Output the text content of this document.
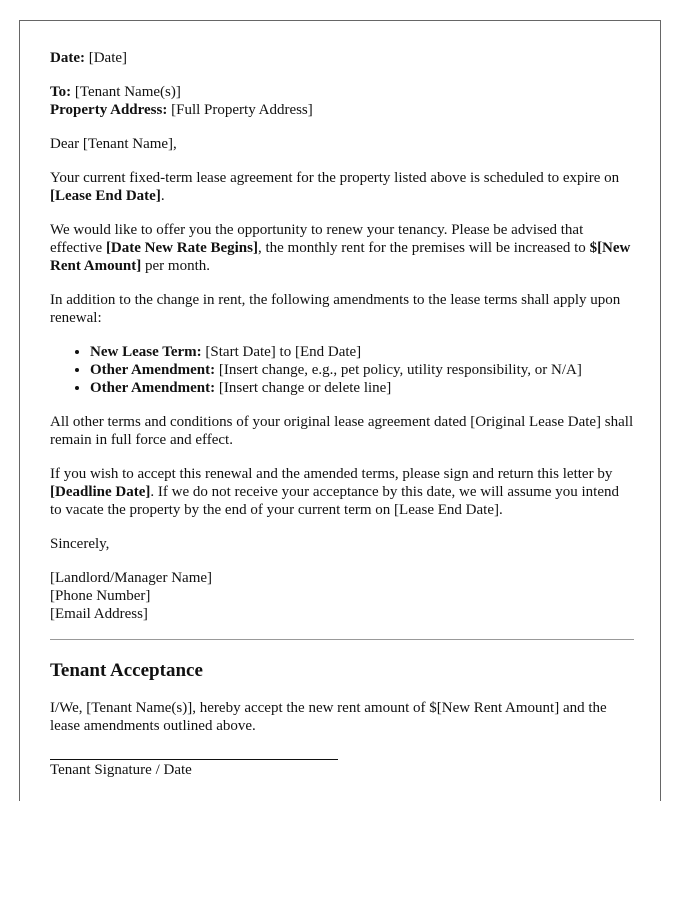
Date: [Date]

To: [Tenant Name(s)]
Property Address: [Full Property Address]

Dear [Tenant Name],

Your current fixed-term lease agreement for the property listed above is scheduled to expire on [Lease End Date].

We would like to offer you the opportunity to renew your tenancy. Please be advised that effective [Date New Rate Begins], the monthly rent for the premises will be increased to $[New Rent Amount] per month.

In addition to the change in rent, the following amendments to the lease terms shall apply upon renewal:

• New Lease Term: [Start Date] to [End Date]
• Other Amendment: [Insert change, e.g., pet policy, utility responsibility, or N/A]
• Other Amendment: [Insert change or delete line]

All other terms and conditions of your original lease agreement dated [Original Lease Date] shall remain in full force and effect.

If you wish to accept this renewal and the amended terms, please sign and return this letter by [Deadline Date]. If we do not receive your acceptance by this date, we will assume you intend to vacate the property by the end of your current term on [Lease End Date].

Sincerely,

[Landlord/Manager Name]
[Phone Number]
[Email Address]

Tenant Acceptance

I/We, [Tenant Name(s)], hereby accept the new rent amount of $[New Rent Amount] and the lease amendments outlined above.

Tenant Signature / Date
